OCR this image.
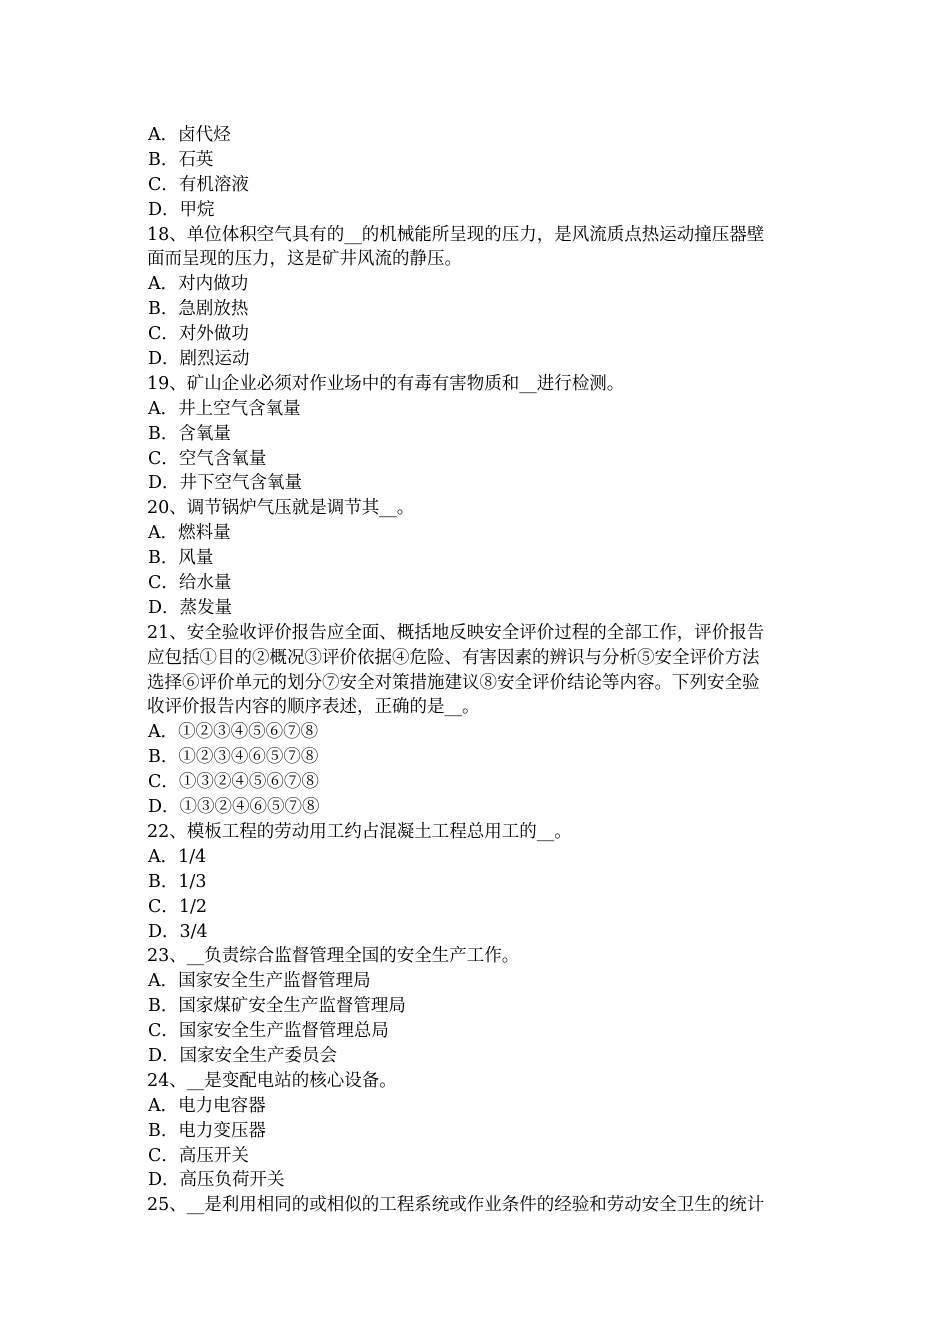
A．卤代烃
B．石英
C．有机溶液
D．甲烷
18、单位体积空气具有的__的机械能所呈现的压力，是风流质点热运动撞压器壁
面而呈现的压力，这是矿井风流的静压。
A．对内做功
B．急剧放热
C．对外做功
D．剧烈运动
19、矿山企业必须对作业场中的有毒有害物质和__进行检测。
A．井上空气含氧量
B．含氧量
C．空气含氧量
D．井下空气含氧量
20、调节锅炉气压就是调节其__。
A．燃料量
B．风量
C．给水量
D．蒸发量
21、安全验收评价报告应全面、概括地反映安全评价过程的全部工作，评价报告
应包括①目的②概况③评价依据④危险、有害因素的辨识与分析⑤安全评价方法
选择⑥评价单元的划分⑦安全对策措施建议⑧安全评价结论等内容。下列安全验
收评价报告内容的顺序表述，正确的是__。
A．①②③④⑤⑥⑦⑧
B．①②③④⑥⑤⑦⑧
C．①③②④⑤⑥⑦⑧
D．①③②④⑥⑤⑦⑧
22、模板工程的劳动用工约占混凝土工程总用工的__。
A．1/4
B．1/3
C．1/2
D．3/4
23、__负责综合监督管理全国的安全生产工作。
A．国家安全生产监督管理局
B．国家煤矿安全生产监督管理局
C．国家安全生产监督管理总局
D．国家安全生产委员会
24、__是变配电站的核心设备。
A．电力电容器
B．电力变压器
C．高压开关
D．高压负荷开关
25、__是利用相同的或相似的工程系统或作业条件的经验和劳动安全卫生的统计
